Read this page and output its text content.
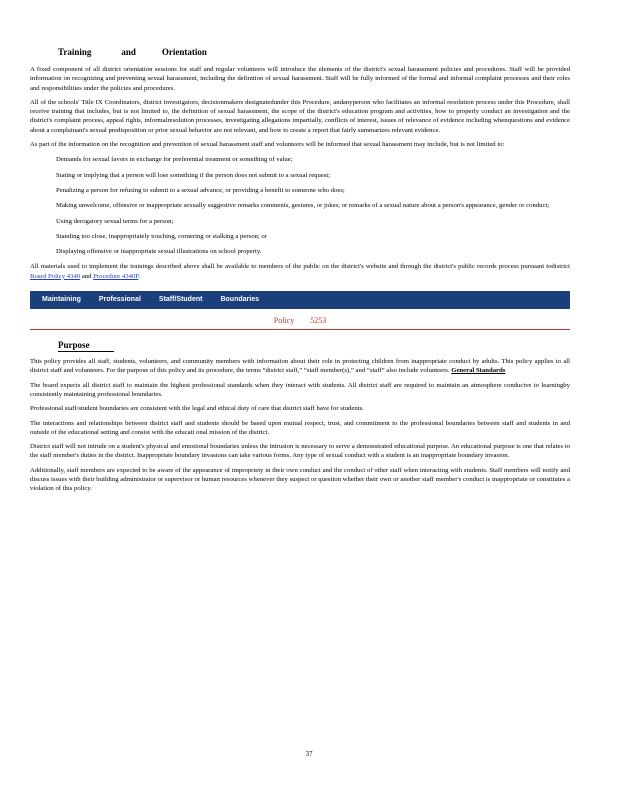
Training	and	Orientation

A fixed component of all district orientation sessions for staff and regular volunteers will introduce the elements of the district's sexual harassment policies and procedures. Staff will be provided information on recognizing and preventing sexual harassment, including the definition of sexual harassment. Staff will be fully informed of the formal and informal complaint processes and their roles and responsibilities under the policies and procedures.

All of the schools' Title IX Coordinators, district investigators, decisionmakers designatedunder this Procedure, andanyperson who facilitates an informal resolution process under this Procedure, shall receive training that includes, but is not limited to, the definition of sexual harassment, the scope of the district's education program and activities, how to properly conduct an investigation and the district's complaint process, appeal rights, informalresolution processes, investigating allegations impartially, conflicts of interest, issues of relevance of evidence including whenquestions and evidence about a complainant's sexual predisposition or prior sexual behavior are not relevant, and how to create a report that fairly summarizes relevant evidence.

As part of the information on the recognition and prevention of sexual harassment staff and volunteers will be informed that sexual harassment may include, but is not limited to:

Demands for sexual favors in exchange for preferential treatment or something of value;
Stating or implying that a person will lose something if the person does not submit to a sexual request;
Penalizing a person for refusing to submit to a sexual advance, or providing a benefit to someone who does;
Making unwelcome, offensive or inappropriate sexually suggestive remarks comments, gestures, or jokes; or remarks of a sexual nature about a person's appearance, gender or conduct;
Using derogatory sexual terms for a person;
Standing too close, inappropriately touching, cornering or stalking a person; or
Displaying offensive or inappropriate sexual illustrations on school property.

All materials used to implement the trainings described above shall be available to members of the public on the district's website and through the district's public records process pursuant todistrict Board Policy 4340 and Procedure 4340P.

Maintaining	Professional	Staff/Student	Boundaries
Policy 5253
Purpose

This policy provides all staff, students, volunteers, and community members with information about their role in protecting children from inappropriate conduct by adults. This policy applies to all district staff and volunteers. For the purpose of this policy and its procedure, the terms “district staff,” “staff member(s),” and “staff” also include volunteers. General Standards

The board expects all district staff to maintain the highest professional standards when they interact with students. All district staff are required to maintain an atmosphere conducive to learningby consistently maintaining professional boundaries.

Professional staff/student boundaries are consistent with the legal and ethical duty of care that district staff have for students.

The interactions and relationships between district staff and students should be based upon mutual respect, trust, and commitment to the professional boundaries between staff and students in and outside of the educational setting and consist with the educati onal mission of the district.

District staff will not intrude on a student's physical and emotional boundaries unless the intrusion is necessary to serve a demonstrated educational purpose. An educational purpose is one that relates to the staff member's duties in the district. Inappropriate boundary invasions can take various forms. Any type of sexual conduct with a student is an inappropriate boundary invasion.

Additionally, staff members are expected to be aware of the appearance of impropriety in their own conduct and the conduct of other staff when interacting with students. Staff members will notify and discuss issues with their building administrator or supervisor or human resources whenever they suspect or question whether their own or another staff member's conduct is inappropriate or constitutes a violation of this policy.

37
